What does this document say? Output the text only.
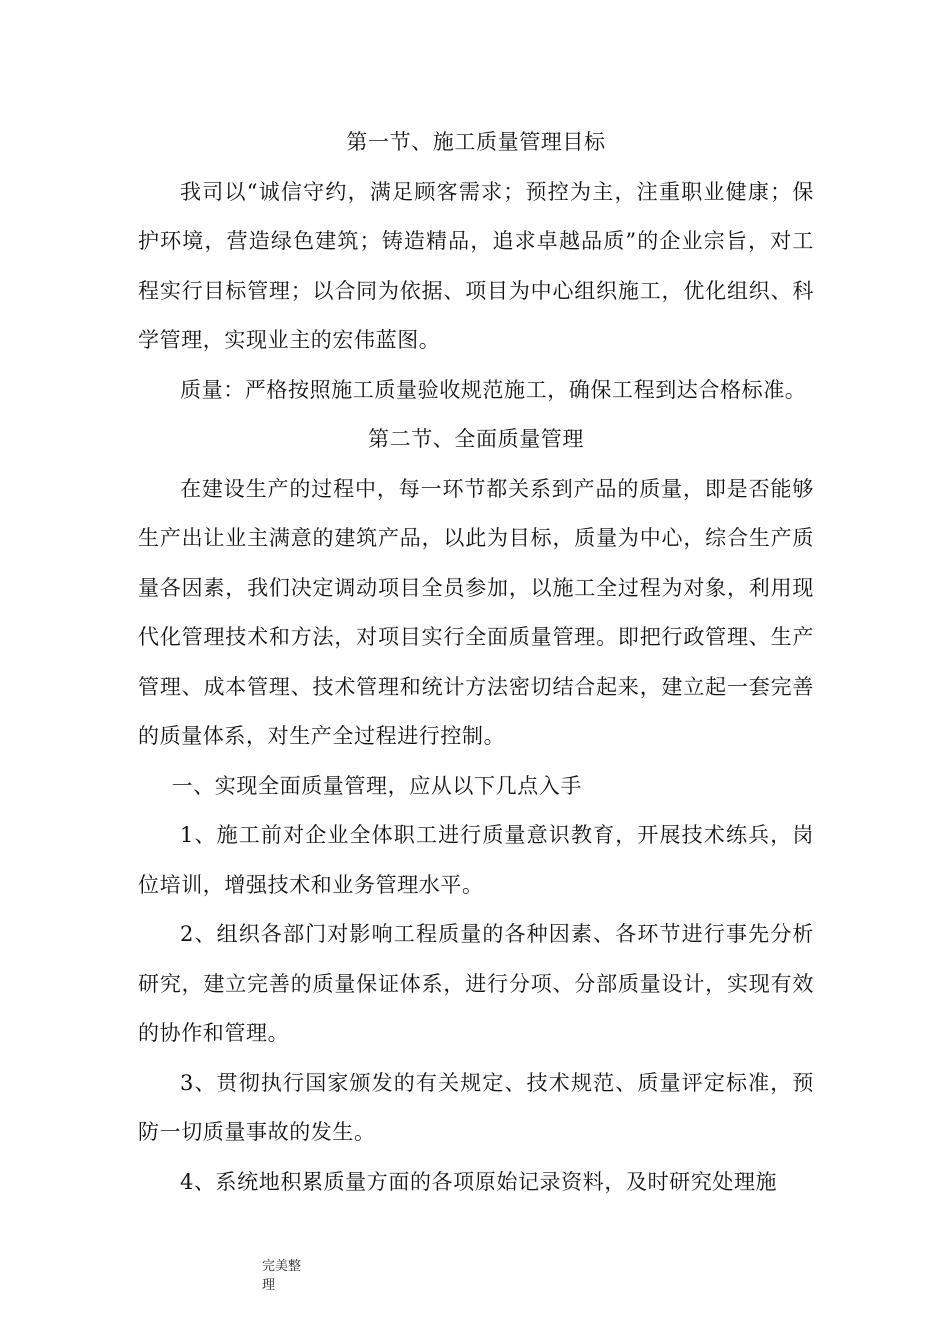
第一节、施工质量管理目标

我司以“诚信守约，满足顾客需求；预控为主，注重职业健康；保护环境，营造绿色建筑；铸造精品，追求卓越品质”的企业宗旨，对工程实行目标管理；以合同为依据、项目为中心组织施工，优化组织、科学管理，实现业主的宏伟蓝图。

质量：严格按照施工质量验收规范施工，确保工程到达合格标准。

第二节、全面质量管理

在建设生产的过程中，每一环节都关系到产品的质量，即是否能够生产出让业主满意的建筑产品，以此为目标，质量为中心，综合生产质量各因素，我们决定调动项目全员参加，以施工全过程为对象，利用现代化管理技术和方法，对项目实行全面质量管理。即把行政管理、生产管理、成本管理、技术管理和统计方法密切结合起来，建立起一套完善的质量体系，对生产全过程进行控制。

一、实现全面质量管理，应从以下几点入手

1、施工前对企业全体职工进行质量意识教育，开展技术练兵，岗位培训，增强技术和业务管理水平。

2、组织各部门对影响工程质量的各种因素、各环节进行事先分析研究，建立完善的质量保证体系，进行分项、分部质量设计，实现有效的协作和管理。

3、贯彻执行国家颁发的有关规定、技术规范、质量评定标准，预防一切质量事故的发生。

4、系统地积累质量方面的各项原始记录资料，及时研究处理施

完美整理
